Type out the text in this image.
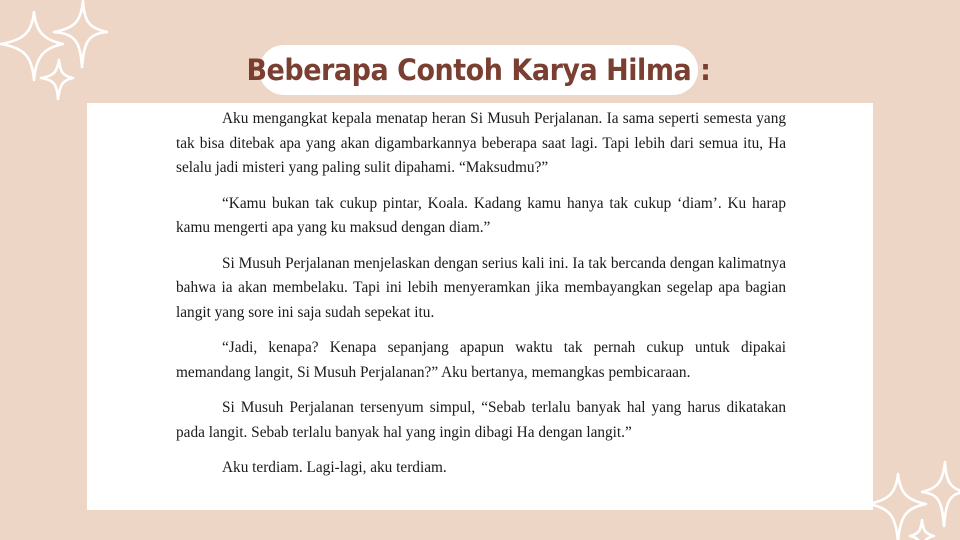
Beberapa Contoh Karya Hilma :

Aku mengangkat kepala menatap heran Si Musuh Perjalanan. Ia sama seperti semesta yang tak bisa ditebak apa yang akan digambarkannya beberapa saat lagi. Tapi lebih dari semua itu, Ha selalu jadi misteri yang paling sulit dipahami. “Maksudmu?”

“Kamu bukan tak cukup pintar, Koala. Kadang kamu hanya tak cukup ‘diam’. Ku harap kamu mengerti apa yang ku maksud dengan diam.”

Si Musuh Perjalanan menjelaskan dengan serius kali ini. Ia tak bercanda dengan kalimatnya bahwa ia akan membelaku. Tapi ini lebih menyeramkan jika membayangkan segelap apa bagian langit yang sore ini saja sudah sepekat itu.

“Jadi, kenapa? Kenapa sepanjang apapun waktu tak pernah cukup untuk dipakai memandang langit, Si Musuh Perjalanan?” Aku bertanya, memangkas pembicaraan.

Si Musuh Perjalanan tersenyum simpul, “Sebab terlalu banyak hal yang harus dikatakan pada langit. Sebab terlalu banyak hal yang ingin dibagi Ha dengan langit.”

Aku terdiam. Lagi-lagi, aku terdiam.
